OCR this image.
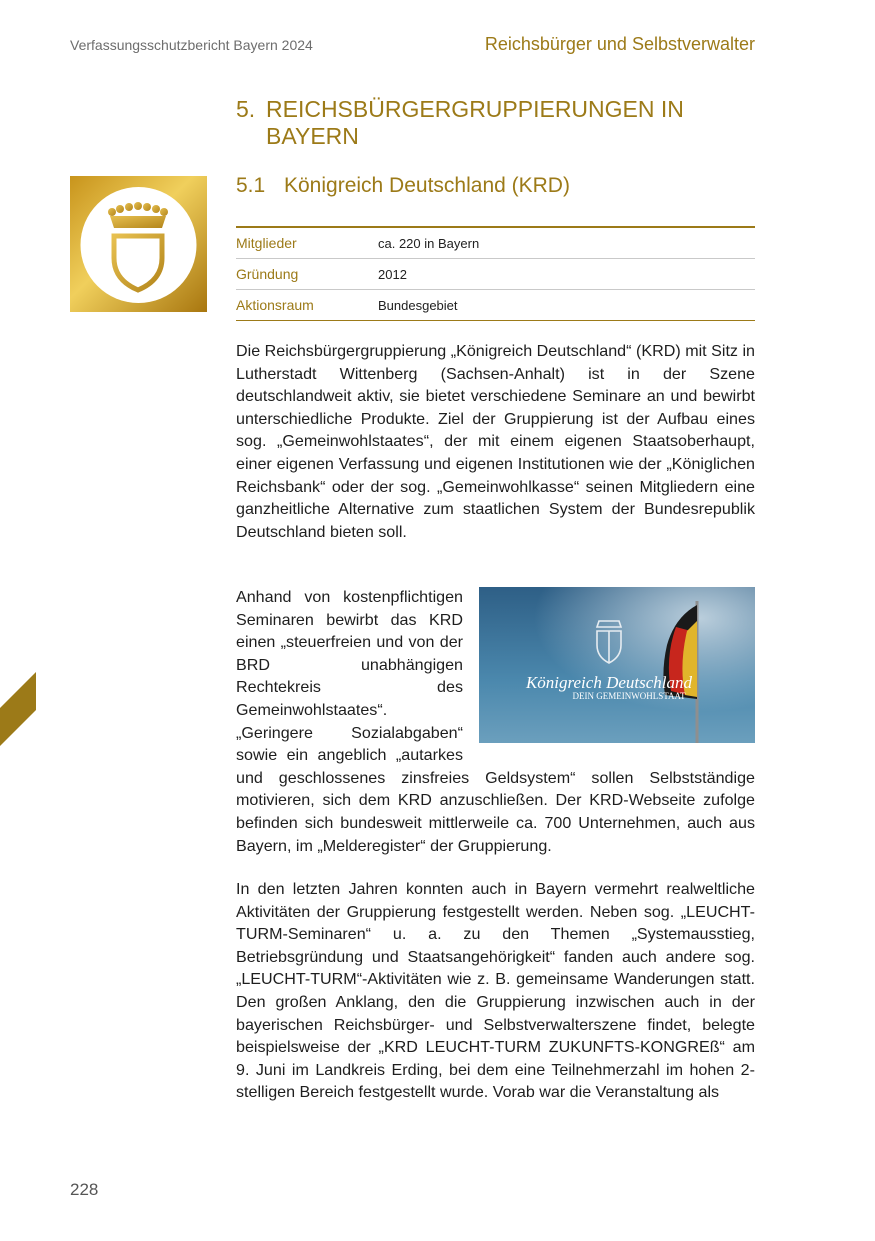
Verfassungsschutzbericht Bayern 2024	Reichsbürger und Selbstverwalter
5. REICHSBÜRGERGRUPPIERUNGEN IN BAYERN
5.1 Königreich Deutschland (KRD)
Mitglieder	ca. 220 in Bayern
Gründung	2012
Aktionsraum	Bundesgebiet

Die Reichsbürgergruppierung „Königreich Deutschland“ (KRD) mit Sitz in Lutherstadt Wittenberg (Sachsen-Anhalt) ist in der Szene deutschlandweit aktiv, sie bietet verschiedene Seminare an und bewirbt unterschiedliche Produkte. Ziel der Gruppierung ist der Aufbau eines sog. „Gemeinwohlstaates“, der mit einem eigenen Staatsoberhaupt, einer eigenen Verfassung und eigenen Institutionen wie der „Königlichen Reichsbank“ oder der sog. „Gemeinwohlkasse“ seinen Mitgliedern eine ganzheitliche Alternative zum staatlichen System der Bundesrepublik Deutschland bieten soll.

Königreich Deutschland
DEIN GEMEINWOHLSTAAT
Anhand von kostenpflichtigen Seminaren bewirbt das KRD einen „steuerfreien und von der BRD unabhängigen Rechtekreis des Gemeinwohlstaates“. „Geringere Sozialabgaben“ sowie ein angeblich „autarkes und geschlossenes zinsfreies Geldsystem“ sollen Selbstständige motivieren, sich dem KRD anzuschließen. Der KRD-Webseite zufolge befinden sich bundesweit mittlerweile ca. 700 Unternehmen, auch aus Bayern, im „Melderegister“ der Gruppierung.

In den letzten Jahren konnten auch in Bayern vermehrt realweltliche Aktivitäten der Gruppierung festgestellt werden. Neben sog. „LEUCHT-TURM-Seminaren“ u. a. zu den Themen „Systemausstieg, Betriebsgründung und Staatsangehörigkeit“ fanden auch andere sog. „LEUCHT-TURM“-Aktivitäten wie z. B. gemeinsame Wanderungen statt. Den großen Anklang, den die Gruppierung inzwischen auch in der bayerischen Reichsbürger- und Selbstverwalterszene findet, belegte beispielsweise der „KRD LEUCHT-TURM ZUKUNFTS-KONGREß“ am 9. Juni im Landkreis Erding, bei dem eine Teilnehmerzahl im hohen 2-stelligen Bereich festgestellt wurde. Vorab war die Veranstaltung als

228
